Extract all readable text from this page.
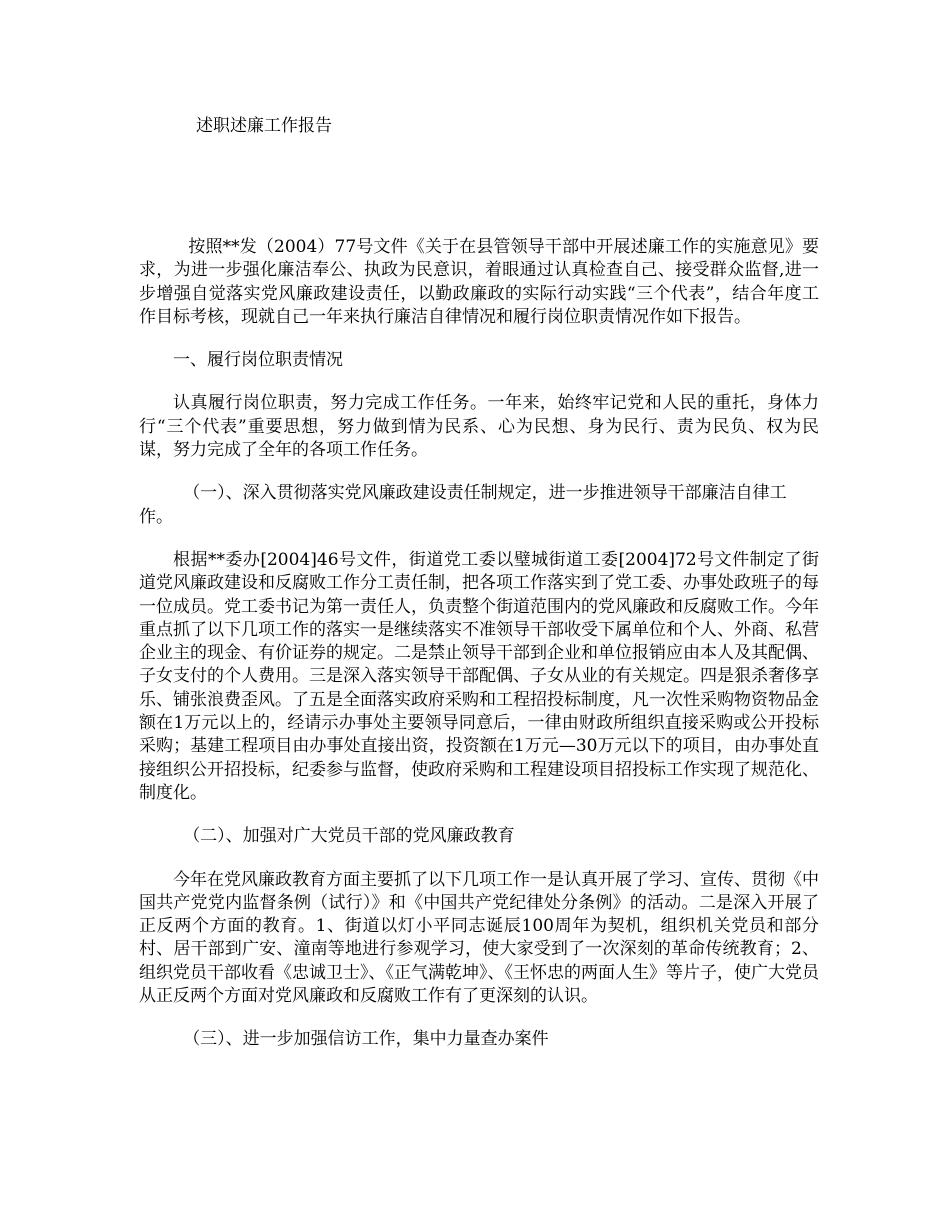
述职述廉工作报告

按照**发（2004）77号文件《关于在县管领导干部中开展述廉工作的实施意见》要求，为进一步强化廉洁奉公、执政为民意识，着眼通过认真检查自己、接受群众监督,进一步增强自觉落实党风廉政建设责任，以勤政廉政的实际行动实践“三个代表”，结合年度工作目标考核，现就自己一年来执行廉洁自律情况和履行岗位职责情况作如下报告。

一、履行岗位职责情况

认真履行岗位职责，努力完成工作任务。一年来，始终牢记党和人民的重托，身体力行“三个代表”重要思想，努力做到情为民系、心为民想、身为民行、责为民负、权为民谋，努力完成了全年的各项工作任务。

（一）、深入贯彻落实党风廉政建设责任制规定，进一步推进领导干部廉洁自律工作。

根据**委办[2004]46号文件，街道党工委以璧城街道工委[2004]72号文件制定了街道党风廉政建设和反腐败工作分工责任制，把各项工作落实到了党工委、办事处政班子的每一位成员。党工委书记为第一责任人，负责整个街道范围内的党风廉政和反腐败工作。今年重点抓了以下几项工作的落实一是继续落实不准领导干部收受下属单位和个人、外商、私营企业主的现金、有价证券的规定。二是禁止领导干部到企业和单位报销应由本人及其配偶、子女支付的个人费用。三是深入落实领导干部配偶、子女从业的有关规定。四是狠杀奢侈享乐、铺张浪费歪风。了五是全面落实政府采购和工程招投标制度，凡一次性采购物资物品金额在1万元以上的，经请示办事处主要领导同意后，一律由财政所组织直接采购或公开投标采购；基建工程项目由办事处直接出资，投资额在1万元—30万元以下的项目，由办事处直接组织公开招投标，纪委参与监督，使政府采购和工程建设项目招投标工作实现了规范化、制度化。

（二）、加强对广大党员干部的党风廉政教育

今年在党风廉政教育方面主要抓了以下几项工作一是认真开展了学习、宣传、贯彻《中国共产党党内监督条例（试行）》和《中国共产党纪律处分条例》的活动。二是深入开展了正反两个方面的教育。1、街道以灯小平同志诞辰100周年为契机，组织机关党员和部分村、居干部到广安、潼南等地进行参观学习，使大家受到了一次深刻的革命传统教育；2、组织党员干部收看《忠诚卫士》、《正气满乾坤》、《王怀忠的两面人生》等片子，使广大党员从正反两个方面对党风廉政和反腐败工作有了更深刻的认识。

（三）、进一步加强信访工作，集中力量查办案件
